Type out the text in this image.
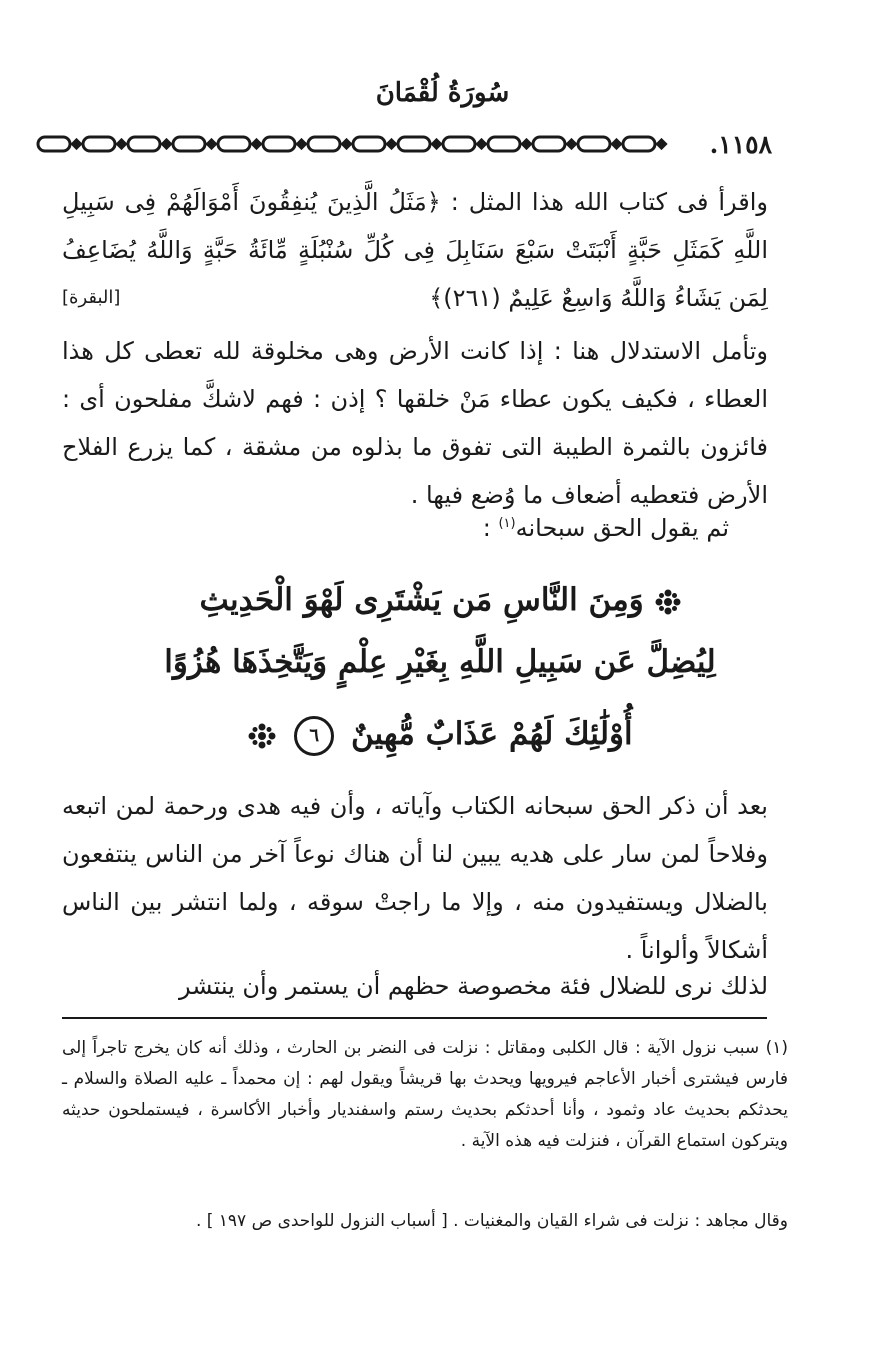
سُورَةُ لُقْمَانَ
١١٥٨.
واقرأ فى كتاب الله هذا المثل : ﴿مَثَلُ الَّذِينَ يُنفِقُونَ أَمْوَالَهُمْ فِى سَبِيلِ اللَّهِ كَمَثَلِ حَبَّةٍ أَنْبَتَتْ سَبْعَ سَنَابِلَ فِى كُلِّ سُنْبُلَةٍ مِّائَةُ حَبَّةٍ وَاللَّهُ يُضَاعِفُ لِمَن يَشَاءُ وَاللَّهُ وَاسِعٌ عَلِيمٌ (٢٦١)﴾
[البقرة]
وتأمل الاستدلال هنا : إذا كانت الأرض وهى مخلوقة لله تعطى كل هذا العطاء ، فكيف يكون عطاء مَنْ خلقها ؟ إذن : فهم لاشكَّ مفلحون أى : فائزون بالثمرة الطيبة التى تفوق ما بذلوه من مشقة ، كما يزرع الفلاح الأرض فتعطيه أضعاف ما وُضع فيها .
ثم يقول الحق سبحانه$^{(١)}$ :
وَمِنَ النَّاسِ مَن يَشْتَرِى لَهْوَ الْحَدِيثِ
لِيُضِلَّ عَن سَبِيلِ اللَّهِ بِغَيْرِ عِلْمٍ وَيَتَّخِذَهَا هُزُوًا
أُوْلَٰئِكَ لَهُمْ عَذَابٌ مُّهِينٌ ٦
بعد أن ذكر الحق سبحانه الكتاب وآياته ، وأن فيه هدى ورحمة لمن اتبعه وفلاحاً لمن سار على هديه يبين لنا أن هناك نوعاً آخر من الناس ينتفعون بالضلال ويستفيدون منه ، وإلا ما راجتْ سوقه ، ولما انتشر بين الناس أشكالاً وألواناً .
لذلك نرى للضلال فئة مخصوصة حظهم أن يستمر وأن ينتشر
(١) سبب نزول الآية : قال الكلبى ومقاتل : نزلت فى النضر بن الحارث ، وذلك أنه كان يخرج تاجراً إلى فارس فيشترى أخبار الأعاجم فيرويها ويحدث بها قريشاً ويقول لهم : إن محمداً ـ عليه الصلاة والسلام ـ يحدثكم بحديث عاد وثمود ، وأنا أحدثكم بحديث رستم واسفنديار وأخبار الأكاسرة ، فيستملحون حديثه ويتركون استماع القرآن ، فنزلت فيه هذه الآية .
وقال مجاهد : نزلت فى شراء القيان والمغنيات . [ أسباب النزول للواحدى ص ١٩٧ ] .
